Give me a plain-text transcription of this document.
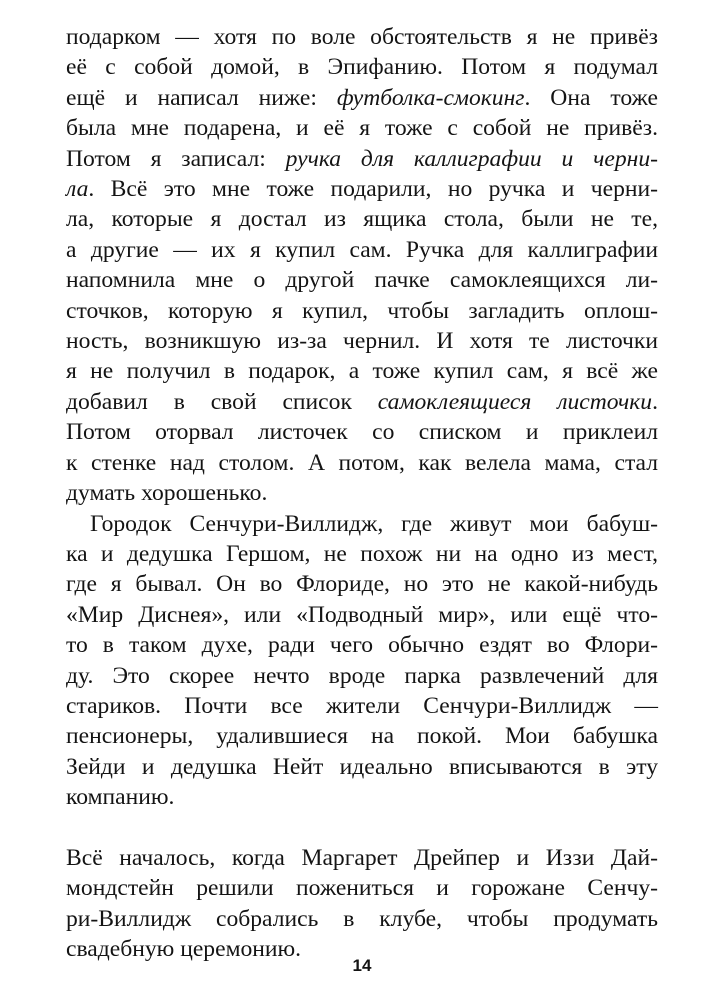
подарком — хотя по воле обстоятельств я не привёз

её с собой домой, в Эпифанию. Потом я подумал

ещё и написал ниже: футболка-смокинг. Она тоже

была мне подарена, и её я тоже с собой не привёз.

Потом я записал: ручка для каллиграфии и черни-

ла. Всё это мне тоже подарили, но ручка и черни-

ла, которые я достал из ящика стола, были не те,

а другие — их я купил сам. Ручка для каллиграфии

напомнила мне о другой пачке самоклеящихся ли-

сточков, которую я купил, чтобы загладить оплош-

ность, возникшую из-за чернил. И хотя те листочки

я не получил в подарок, а тоже купил сам, я всё же

добавил в свой список самоклеящиеся листочки.

Потом оторвал листочек со списком и приклеил

к стенке над столом. А потом, как велела мама, стал

думать хорошенько.

Городок Сенчури-Виллидж, где живут мои бабуш-

ка и дедушка Гершом, не похож ни на одно из мест,

где я бывал. Он во Флориде, но это не какой-нибудь

«Мир Диснея», или «Подводный мир», или ещё что-

то в таком духе, ради чего обычно ездят во Флори-

ду. Это скорее нечто вроде парка развлечений для

стариков. Почти все жители Сенчури-Виллидж —

пенсионеры, удалившиеся на покой. Мои бабушка

Зейди и дедушка Нейт идеально вписываются в эту

компанию.

Всё началось, когда Маргарет Дрейпер и Иззи Дай-

мондстейн решили пожениться и горожане Сенчу-

ри-Виллидж собрались в клубе, чтобы продумать

свадебную церемонию.

14
